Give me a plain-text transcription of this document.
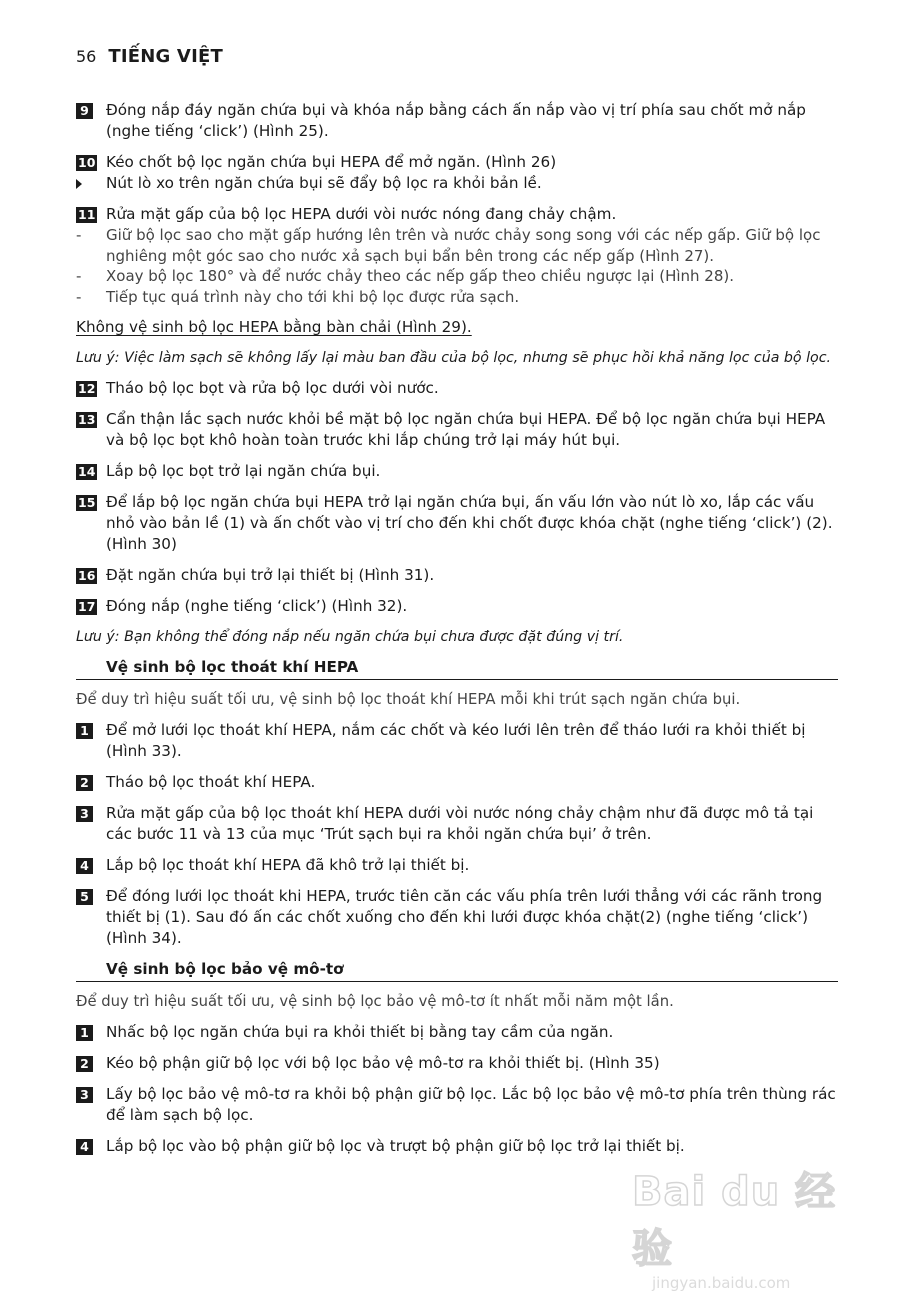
56 TIẾNG VIỆT
9 Đóng nắp đáy ngăn chứa bụi và khóa nắp bằng cách ấn nắp vào vị trí phía sau chốt mở nắp (nghe tiếng ‘click’) (Hình 25).
10 Kéo chốt bộ lọc ngăn chứa bụi HEPA để mở ngăn. (Hình 26)
Nút lò xo trên ngăn chứa bụi sẽ đẩy bộ lọc ra khỏi bản lề.
11 Rửa mặt gấp của bộ lọc HEPA dưới vòi nước nóng đang chảy chậm.
- Giữ bộ lọc sao cho mặt gấp hướng lên trên và nước chảy song song với các nếp gấp. Giữ bộ lọc nghiêng một góc sao cho nước xả sạch bụi bẩn bên trong các nếp gấp (Hình 27).
- Xoay bộ lọc 180° và để nước chảy theo các nếp gấp theo chiều ngược lại (Hình 28).
- Tiếp tục quá trình này cho tới khi bộ lọc được rửa sạch.
Không vệ sinh bộ lọc HEPA bằng bàn chải (Hình 29).
Lưu ý: Việc làm sạch sẽ không lấy lại màu ban đầu của bộ lọc, nhưng sẽ phục hồi khả năng lọc của bộ lọc.
12 Tháo bộ lọc bọt và rửa bộ lọc dưới vòi nước.
13 Cẩn thận lắc sạch nước khỏi bề mặt bộ lọc ngăn chứa bụi HEPA. Để bộ lọc ngăn chứa bụi HEPA và bộ lọc bọt khô hoàn toàn trước khi lắp chúng trở lại máy hút bụi.
14 Lắp bộ lọc bọt trở lại ngăn chứa bụi.
15 Để lắp bộ lọc ngăn chứa bụi HEPA trở lại ngăn chứa bụi, ấn vấu lớn vào nút lò xo, lắp các vấu nhỏ vào bản lề (1) và ấn chốt vào vị trí cho đến khi chốt được khóa chặt (nghe tiếng ‘click’) (2). (Hình 30)
16 Đặt ngăn chứa bụi trở lại thiết bị (Hình 31).
17 Đóng nắp (nghe tiếng ‘click’) (Hình 32).
Lưu ý: Bạn không thể đóng nắp nếu ngăn chứa bụi chưa được đặt đúng vị trí.
Vệ sinh bộ lọc thoát khí HEPA
Để duy trì hiệu suất tối ưu, vệ sinh bộ lọc thoát khí HEPA mỗi khi trút sạch ngăn chứa bụi.
1 Để mở lưới lọc thoát khí HEPA, nắm các chốt và kéo lưới lên trên để tháo lưới ra khỏi thiết bị (Hình 33).
2 Tháo bộ lọc thoát khí HEPA.
3 Rửa mặt gấp của bộ lọc thoát khí HEPA dưới vòi nước nóng chảy chậm như đã được mô tả tại các bước 11 và 13 của mục ‘Trút sạch bụi ra khỏi ngăn chứa bụi’ ở trên.
4 Lắp bộ lọc thoát khí HEPA đã khô trở lại thiết bị.
5 Để đóng lưới lọc thoát khi HEPA, trước tiên căn các vấu phía trên lưới thẳng với các rãnh trong thiết bị (1). Sau đó ấn các chốt xuống cho đến khi lưới được khóa chặt(2) (nghe tiếng ‘click’) (Hình 34).
Vệ sinh bộ lọc bảo vệ mô-tơ
Để duy trì hiệu suất tối ưu, vệ sinh bộ lọc bảo vệ mô-tơ ít nhất mỗi năm một lần.
1 Nhấc bộ lọc ngăn chứa bụi ra khỏi thiết bị bằng tay cầm của ngăn.
2 Kéo bộ phận giữ bộ lọc với bộ lọc bảo vệ mô-tơ ra khỏi thiết bị. (Hình 35)
3 Lấy bộ lọc bảo vệ mô-tơ ra khỏi bộ phận giữ bộ lọc. Lắc bộ lọc bảo vệ mô-tơ phía trên thùng rác để làm sạch bộ lọc.
4 Lắp bộ lọc vào bộ phận giữ bộ lọc và trượt bộ phận giữ bộ lọc trở lại thiết bị.
Bai du 经验
jingyan.baidu.com
